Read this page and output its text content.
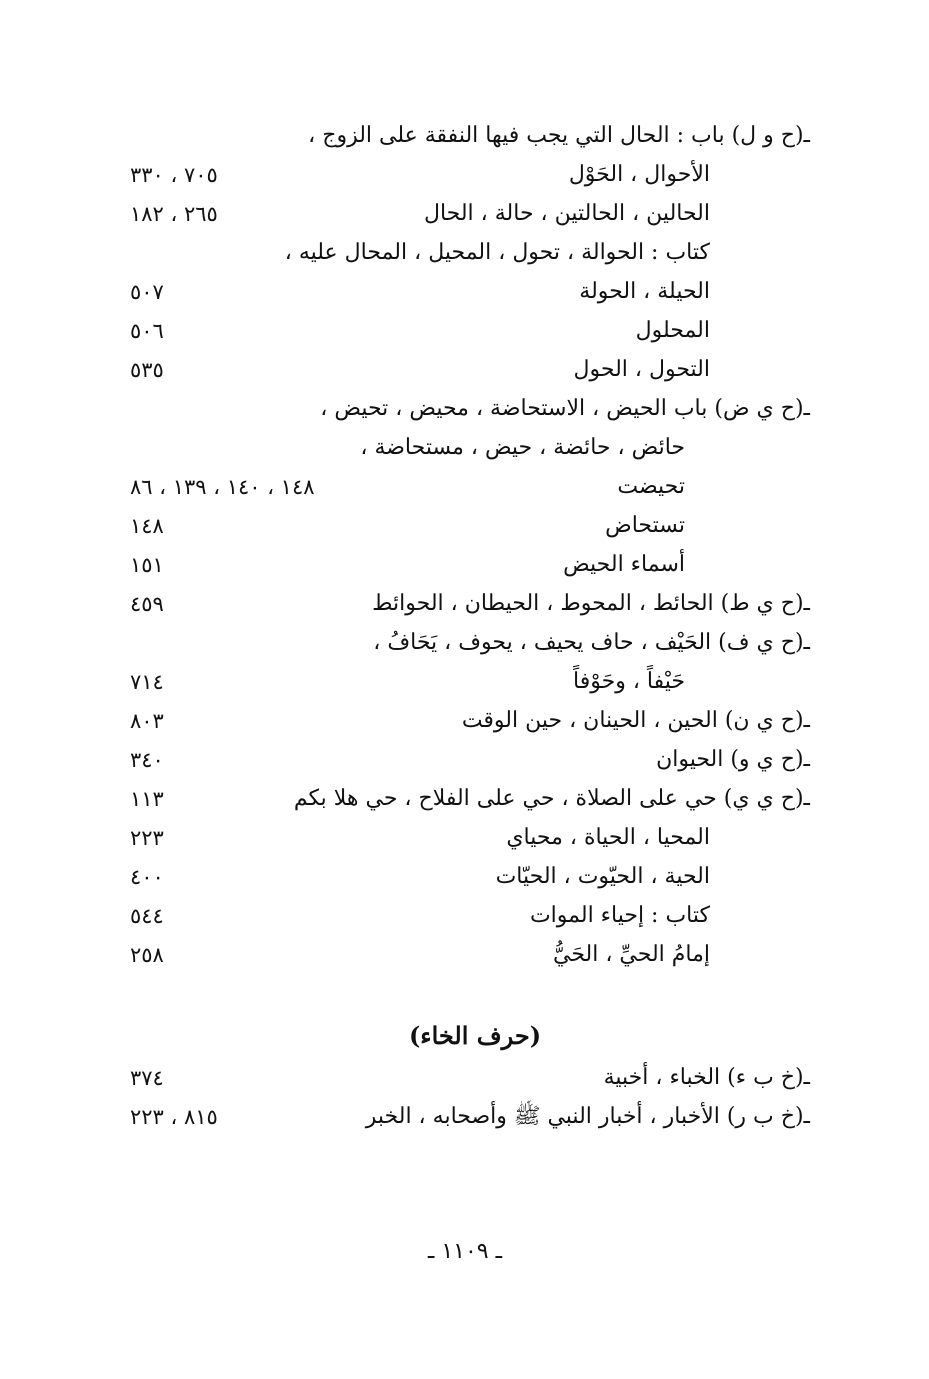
ـ(ح و ل) باب : الحال التي يجب فيها النفقة على الزوج ،
الأحوال ، الحَوْل
٧٠٥ ، ٣٣٠
الحالين ، الحالتين ، حالة ، الحال
٢٦٥ ، ١٨٢
كتاب : الحوالة ، تحول ، المحيل ، المحال عليه ،
الحيلة ، الحولة
٥٠٧
المحلول
٥٠٦
التحول ، الحول
٥٣٥
ـ(ح ي ض) باب الحيض ، الاستحاضة ، محيض ، تحيض ،
حائض ، حائضة ، حيض ، مستحاضة ،
تحيضت
١٤٨ ، ١٤٠ ، ١٣٩ ، ٨٦
تستحاض
١٤٨
أسماء الحيض
١٥١
ـ(ح ي ط) الحائط ، المحوط ، الحيطان ، الحوائط
٤٥٩
ـ(ح ي ف) الحَيْف ، حاف يحيف ، يحوف ، يَحَافُ ،
حَيْفاً ، وحَوْفاً
٧١٤
ـ(ح ي ن) الحين ، الحينان ، حين الوقت
٨٠٣
ـ(ح ي و) الحيوان
٣٤٠
ـ(ح ي ي) حي على الصلاة ، حي على الفلاح ، حي هلا بكم
١١٣
المحيا ، الحياة ، محياي
٢٢٣
الحية ، الحيّوت ، الحيّات
٤٠٠
كتاب : إحياء الموات
٥٤٤
إمامُ الحيِّ ، الحَيُّ
٢٥٨
(حرف الخاء)
ـ(خ ب ء) الخباء ، أخبية
٣٧٤
ـ(خ ب ر) الأخبار ، أخبار النبي ﷺ وأصحابه ، الخبر
٨١٥ ، ٢٢٣
ـ ١١٠٩ ـ
